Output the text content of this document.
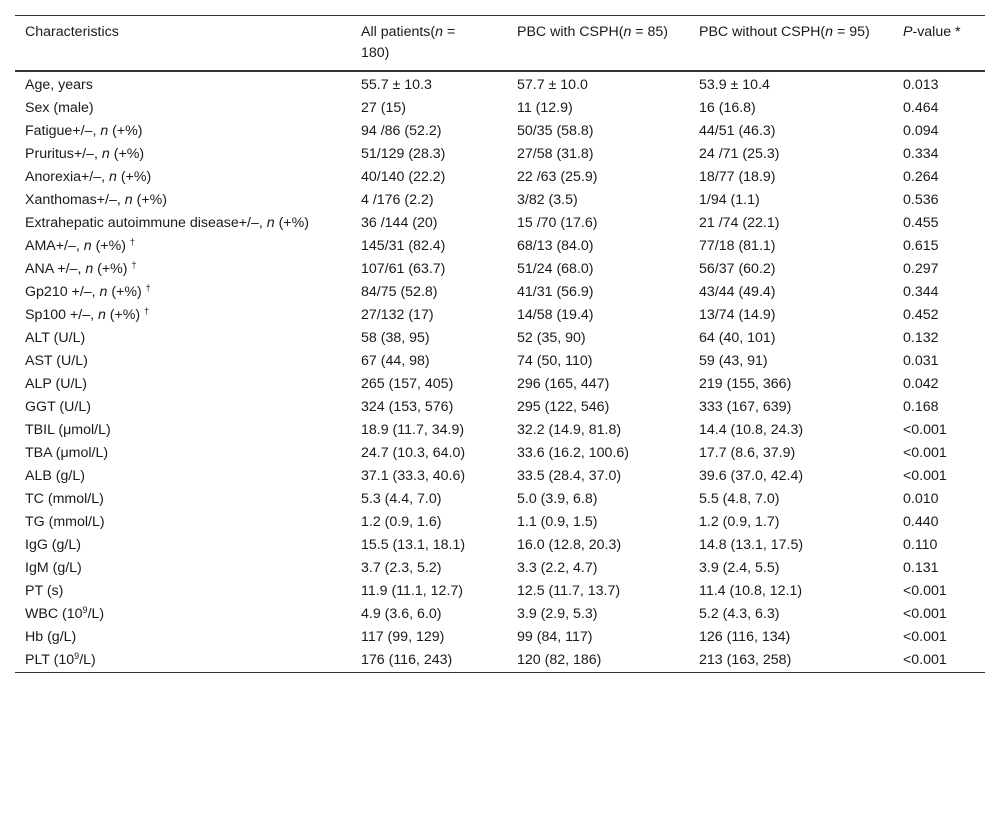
Characteristics	All patients(n = 180)	PBC with CSPH(n = 85)	PBC without CSPH(n = 95)	P-value *
Age, years	55.7 ± 10.3	57.7 ± 10.0	53.9 ± 10.4	0.013
Sex (male)	27 (15)	11 (12.9)	16 (16.8)	0.464
Fatigue+/–, n (+%)	94 /86 (52.2)	50/35 (58.8)	44/51 (46.3)	0.094
Pruritus+/–, n (+%)	51/129 (28.3)	27/58 (31.8)	24 /71 (25.3)	0.334
Anorexia+/–, n (+%)	40/140 (22.2)	22 /63 (25.9)	18/77 (18.9)	0.264
Xanthomas+/–, n (+%)	4 /176 (2.2)	3/82 (3.5)	1/94 (1.1)	0.536
Extrahepatic autoimmune disease+/–, n (+%)	36 /144 (20)	15 /70 (17.6)	21 /74 (22.1)	0.455
AMA+/–, n (+%) †	145/31 (82.4)	68/13 (84.0)	77/18 (81.1)	0.615
ANA +/–, n (+%) †	107/61 (63.7)	51/24 (68.0)	56/37 (60.2)	0.297
Gp210 +/–, n (+%) †	84/75 (52.8)	41/31 (56.9)	43/44 (49.4)	0.344
Sp100 +/–, n (+%) †	27/132 (17)	14/58 (19.4)	13/74 (14.9)	0.452
ALT (U/L)	58 (38, 95)	52 (35, 90)	64 (40, 101)	0.132
AST (U/L)	67 (44, 98)	74 (50, 110)	59 (43, 91)	0.031
ALP (U/L)	265 (157, 405)	296 (165, 447)	219 (155, 366)	0.042
GGT (U/L)	324 (153, 576)	295 (122, 546)	333 (167, 639)	0.168
TBIL (μmol/L)	18.9 (11.7, 34.9)	32.2 (14.9, 81.8)	14.4 (10.8, 24.3)	<0.001
TBA (μmol/L)	24.7 (10.3, 64.0)	33.6 (16.2, 100.6)	17.7 (8.6, 37.9)	<0.001
ALB (g/L)	37.1 (33.3, 40.6)	33.5 (28.4, 37.0)	39.6 (37.0, 42.4)	<0.001
TC (mmol/L)	5.3 (4.4, 7.0)	5.0 (3.9, 6.8)	5.5 (4.8, 7.0)	0.010
TG (mmol/L)	1.2 (0.9, 1.6)	1.1 (0.9, 1.5)	1.2 (0.9, 1.7)	0.440
IgG (g/L)	15.5 (13.1, 18.1)	16.0 (12.8, 20.3)	14.8 (13.1, 17.5)	0.110
IgM (g/L)	3.7 (2.3, 5.2)	3.3 (2.2, 4.7)	3.9 (2.4, 5.5)	0.131
PT (s)	11.9 (11.1, 12.7)	12.5 (11.7, 13.7)	11.4 (10.8, 12.1)	<0.001
WBC $(10^9/L)$	4.9 (3.6, 6.0)	3.9 (2.9, 5.3)	5.2 (4.3, 6.3)	<0.001
Hb (g/L)	117 (99, 129)	99 (84, 117)	126 (116, 134)	<0.001
PLT $(10^9/L)$	176 (116, 243)	120 (82, 186)	213 (163, 258)	<0.001
